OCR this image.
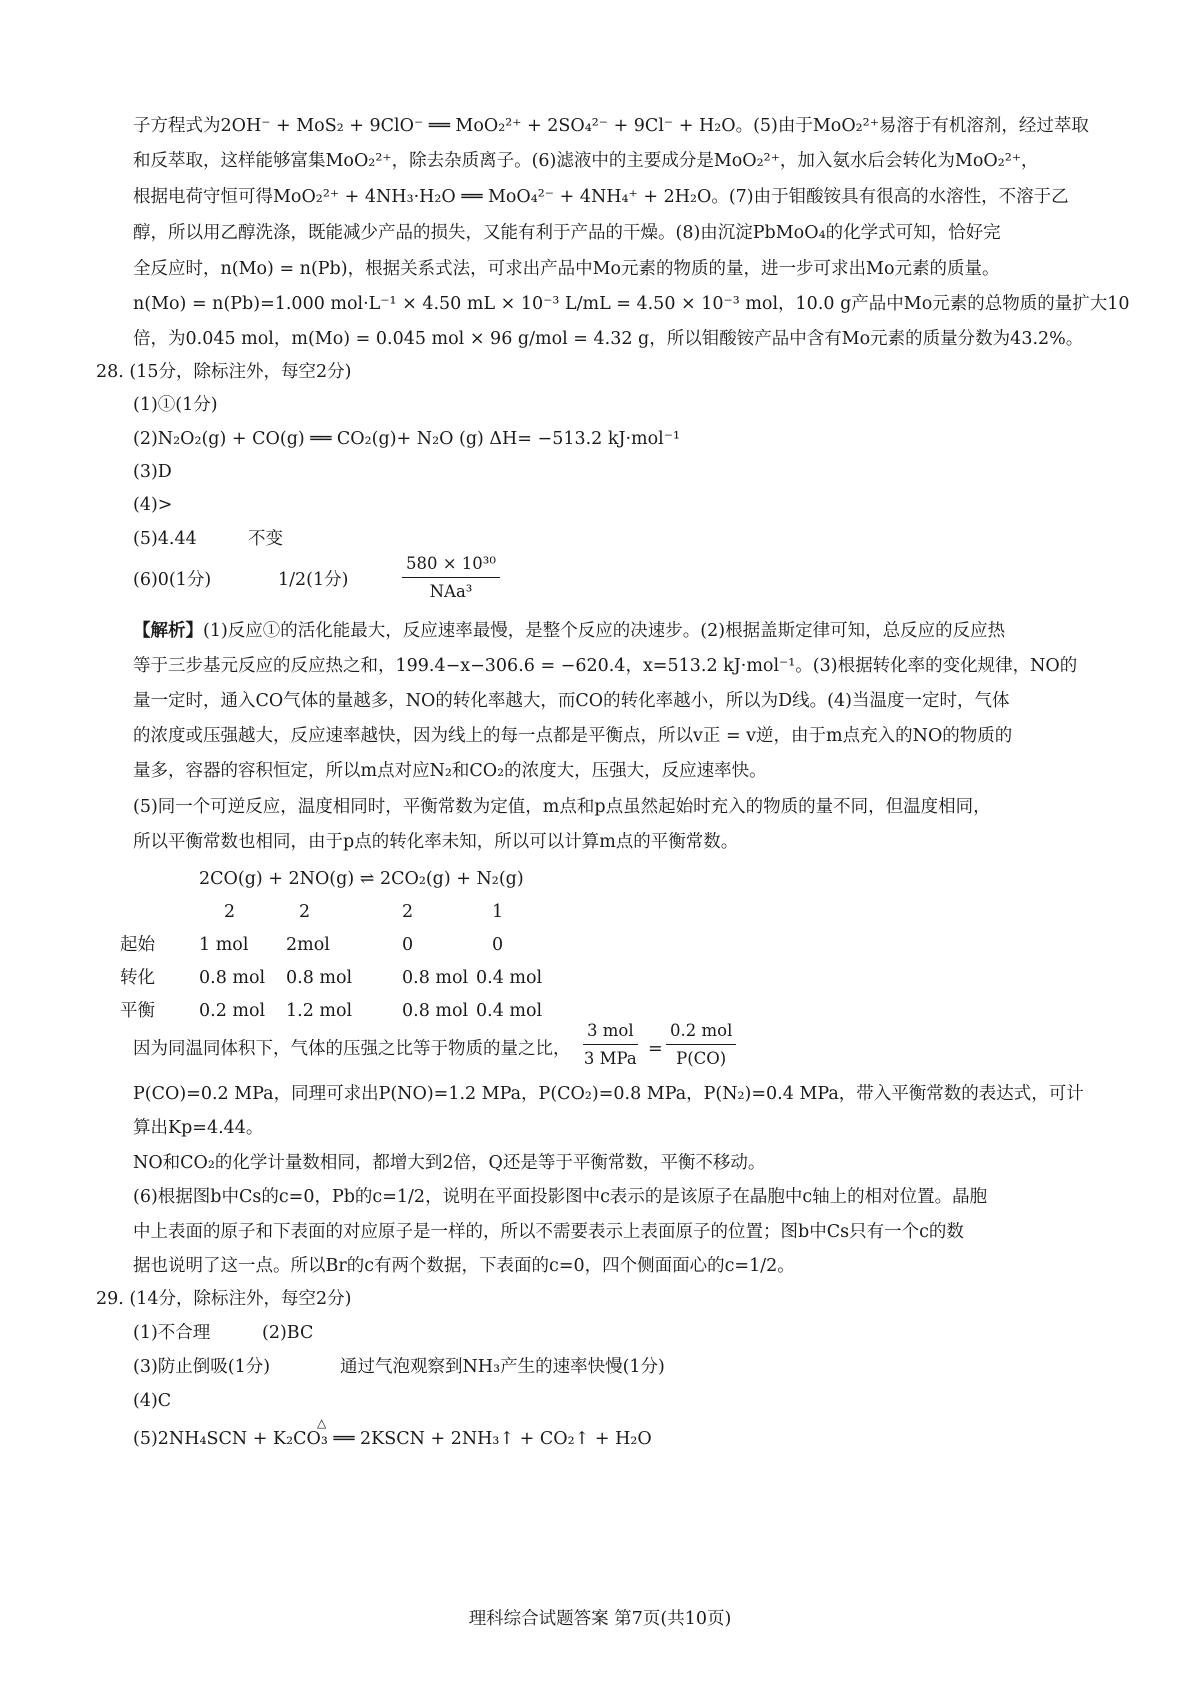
子方程式为2OH⁻ + MoS₂ + 9ClO⁻ ══ MoO₂²⁺ + 2SO₄²⁻ + 9Cl⁻ + H₂O。(5)由于MoO₂²⁺易溶于有机溶剂，经过萃取
和反萃取，这样能够富集MoO₂²⁺，除去杂质离子。(6)滤液中的主要成分是MoO₂²⁺，加入氨水后会转化为MoO₂²⁺，
根据电荷守恒可得MoO₂²⁺ + 4NH₃·H₂O ══ MoO₄²⁻ + 4NH₄⁺ + 2H₂O。(7)由于钼酸铵具有很高的水溶性，不溶于乙
醇，所以用乙醇洗涤，既能减少产品的损失，又能有利于产品的干燥。(8)由沉淀PbMoO₄的化学式可知，恰好完
全反应时，n(Mo) = n(Pb)，根据关系式法，可求出产品中Mo元素的物质的量，进一步可求出Mo元素的质量。
n(Mo) = n(Pb)=1.000 mol·L⁻¹ × 4.50 mL × 10⁻³ L/mL = 4.50 × 10⁻³ mol，10.0 g产品中Mo元素的总物质的量扩大10
倍，为0.045 mol，m(Mo) = 0.045 mol × 96 g/mol = 4.32 g，所以钼酸铵产品中含有Mo元素的质量分数为43.2%。
28. (15分，除标注外，每空2分)
(1)①(1分)
(2)N₂O₂(g) + CO(g) ══ CO₂(g)+ N₂O (g) ΔH= −513.2 kJ·mol⁻¹
(3)D
(4)>
(5)4.44	不变
(6)0(1分)	1/2(1分)
580 × 10³⁰
NAa³
【解析】(1)反应①的活化能最大，反应速率最慢，是整个反应的决速步。(2)根据盖斯定律可知，总反应的反应热
等于三步基元反应的反应热之和，199.4−x−306.6 = −620.4，x=513.2 kJ·mol⁻¹。(3)根据转化率的变化规律，NO的
量一定时，通入CO气体的量越多，NO的转化率越大，而CO的转化率越小，所以为D线。(4)当温度一定时，气体
的浓度或压强越大，反应速率越快，因为线上的每一点都是平衡点，所以v正 = v逆，由于m点充入的NO的物质的
量多，容器的容积恒定，所以m点对应N₂和CO₂的浓度大，压强大，反应速率快。
(5)同一个可逆反应，温度相同时，平衡常数为定值，m点和p点虽然起始时充入的物质的量不同，但温度相同，
所以平衡常数也相同，由于p点的转化率未知，所以可以计算m点的平衡常数。
2CO(g) + 2NO(g) ⇌ 2CO₂(g) + N₂(g)
2	2	2	1
起始	1 mol 2mol	0	0
转化	0.8 mol 0.8 mol	0.8 mol 0.4 mol
平衡	0.2 mol 1.2 mol	0.8 mol 0.4 mol
因为同温同体积下，气体的压强之比等于物质的量之比，
3 mol
3 MPa =
0.2 mol
P(CO)
P(CO)=0.2 MPa，同理可求出P(NO)=1.2 MPa，P(CO₂)=0.8 MPa，P(N₂)=0.4 MPa，带入平衡常数的表达式，可计
算出Kp=4.44。
NO和CO₂的化学计量数相同，都增大到2倍，Q还是等于平衡常数，平衡不移动。
(6)根据图b中Cs的c=0，Pb的c=1/2，说明在平面投影图中c表示的是该原子在晶胞中c轴上的相对位置。晶胞
中上表面的原子和下表面的对应原子是一样的，所以不需要表示上表面原子的位置；图b中Cs只有一个c的数
据也说明了这一点。所以Br的c有两个数据，下表面的c=0，四个侧面面心的c=1/2。
29. (14分，除标注外，每空2分)
(1)不合理	(2)BC
(3)防止倒吸(1分)	通过气泡观察到NH₃产生的速率快慢(1分)
(4)C
△
(5)2NH₄SCN + K₂CO₃ ══ 2KSCN + 2NH₃↑ + CO₂↑ + H₂O
理科综合试题答案 第7页(共10页)
